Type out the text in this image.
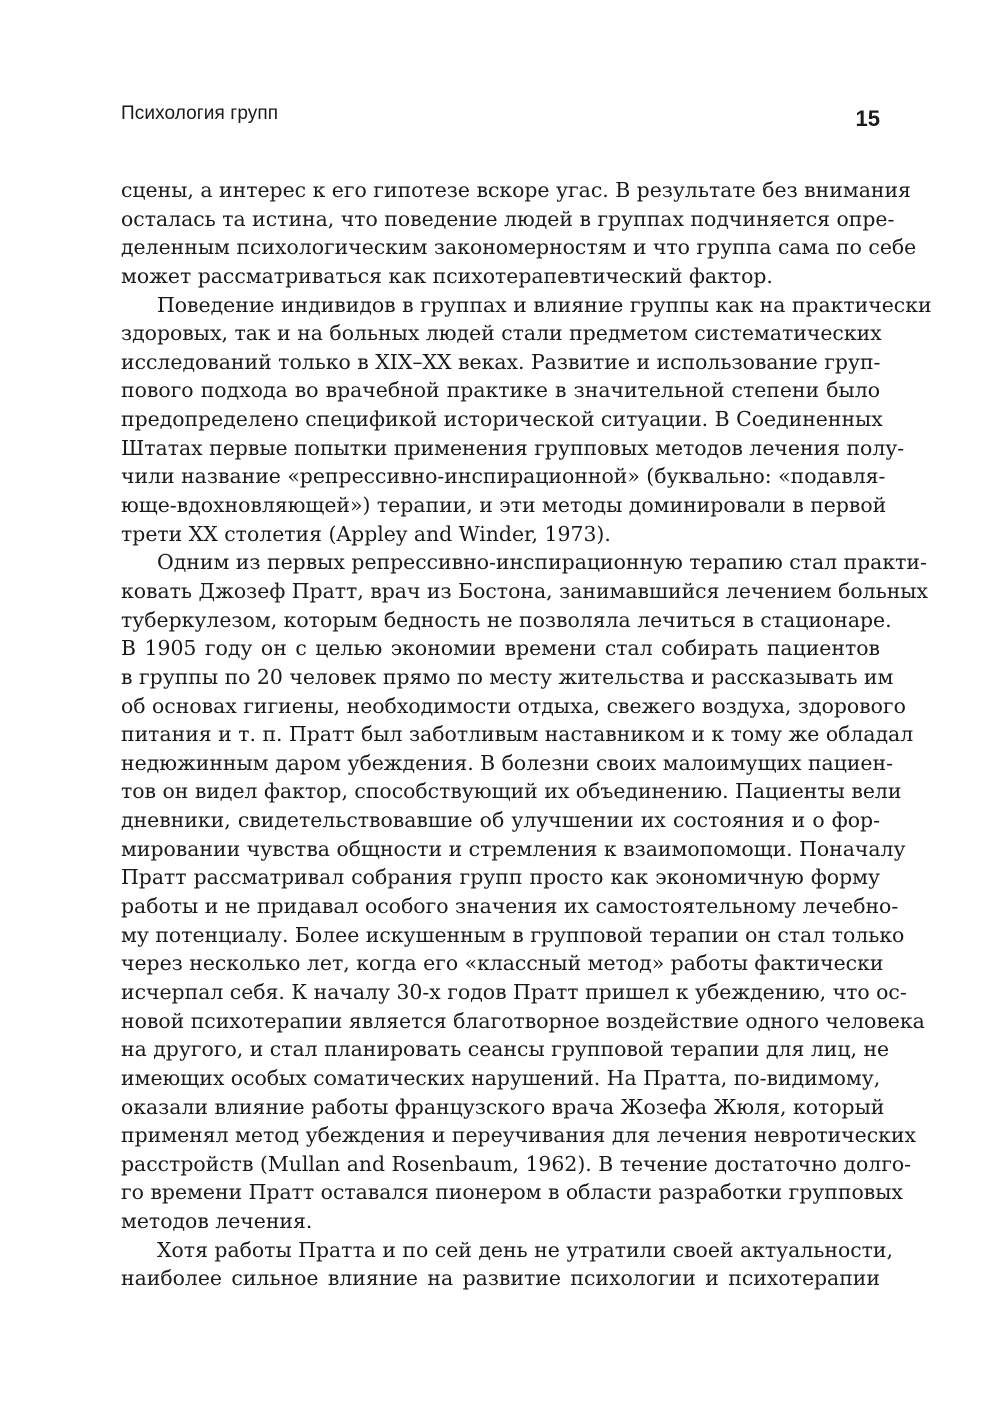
Психология групп	15
сцены, а интерес к его гипотезе вскоре угас. В результате без внимания
осталась та истина, что поведение людей в группах подчиняется опре-
деленным психологическим закономерностям и что группа сама по себе
может рассматриваться как психотерапевтический фактор.
Поведение индивидов в группах и влияние группы как на практически
здоровых, так и на больных людей стали предметом систематических
исследований только в XIX–XX веках. Развитие и использование груп-
пового подхода во врачебной практике в значительной степени было
предопределено спецификой исторической ситуации. В Соединенных
Штатах первые попытки применения групповых методов лечения полу-
чили название «репрессивно-инспирационной» (буквально: «подавля-
юще-вдохновляющей») терапии, и эти методы доминировали в первой
трети XX столетия (Appley and Winder, 1973).
Одним из первых репрессивно-инспирационную терапию стал практи-
ковать Джозеф Пратт, врач из Бостона, занимавшийся лечением больных
туберкулезом, которым бедность не позволяла лечиться в стационаре.
В 1905 году он с целью экономии времени стал собирать пациентов
в группы по 20 человек прямо по месту жительства и рассказывать им
об основах гигиены, необходимости отдыха, свежего воздуха, здорового
питания и т. п. Пратт был заботливым наставником и к тому же обладал
недюжинным даром убеждения. В болезни своих малоимущих пациен-
тов он видел фактор, способствующий их объединению. Пациенты вели
дневники, свидетельствовавшие об улучшении их состояния и о фор-
мировании чувства общности и стремления к взаимопомощи. Поначалу
Пратт рассматривал собрания групп просто как экономичную форму
работы и не придавал особого значения их самостоятельному лечебно-
му потенциалу. Более искушенным в групповой терапии он стал только
через несколько лет, когда его «классный метод» работы фактически
исчерпал себя. К началу 30-х годов Пратт пришел к убеждению, что ос-
новой психотерапии является благотворное воздействие одного человека
на другого, и стал планировать сеансы групповой терапии для лиц, не
имеющих особых соматических нарушений. На Пратта, по-видимому,
оказали влияние работы французского врача Жозефа Жюля, который
применял метод убеждения и переучивания для лечения невротических
расстройств (Mullan and Rosenbaum, 1962). В течение достаточно долго-
го времени Пратт оставался пионером в области разработки групповых
методов лечения.
Хотя работы Пратта и по сей день не утратили своей актуальности,
наиболее сильное влияние на развитие психологии и психотерапии
